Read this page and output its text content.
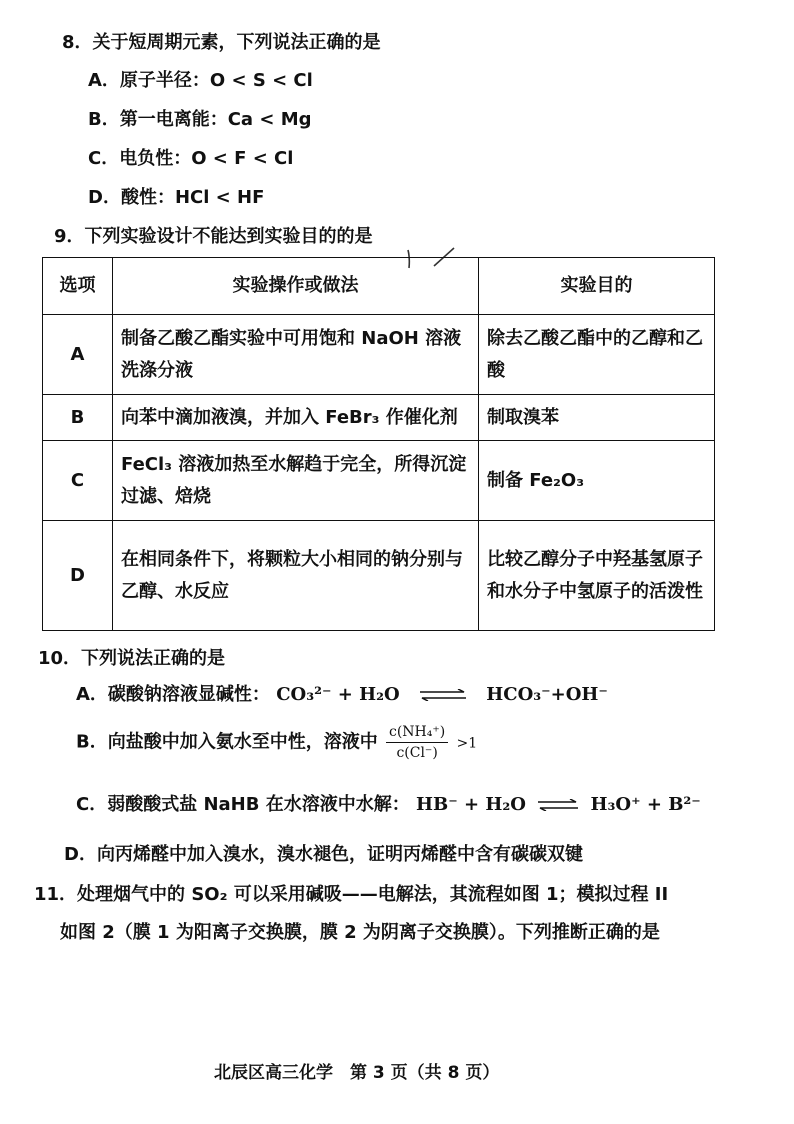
8．关于短周期元素，下列说法正确的是
A．原子半径：O < S < Cl
B．第一电离能：Ca < Mg
C．电负性：O < F < Cl
D．酸性：HCl < HF
9．下列实验设计不能达到实验目的的是
选项	实验操作或做法	实验目的
A	制备乙酸乙酯实验中可用饱和 NaOH 溶液洗涤分液	除去乙酸乙酯中的乙醇和乙酸
B	向苯中滴加液溴，并加入 FeBr₃ 作催化剂	制取溴苯
C	FeCl₃ 溶液加热至水解趋于完全，所得沉淀过滤、焙烧	制备 Fe₂O₃
D	在相同条件下，将颗粒大小相同的钠分别与乙醇、水反应	比较乙醇分子中羟基氢原子和水分子中氢原子的活泼性
10．下列说法正确的是
A．碳酸钠溶液显碱性： CO₃²⁻ + H₂O ⇌ HCO₃⁻+OH⁻
B．向盐酸中加入氨水至中性，溶液中 $\frac{\text{c(NH₄⁺)}}{c(Cl^-)} >1$
C．弱酸酸式盐 NaHB 在水溶液中水解： HB⁻ + H₂O ⇌ H₃O⁺ + B²⁻
D．向丙烯醛中加入溴水，溴水褪色，证明丙烯醛中含有碳碳双键
11．处理烟气中的 SO₂ 可以采用碱吸——电解法，其流程如图 1；模拟过程 II
如图 2（膜 1 为阳离子交换膜，膜 2 为阴离子交换膜）。下列推断正确的是
北辰区高三化学　第 3 页（共 8 页）
